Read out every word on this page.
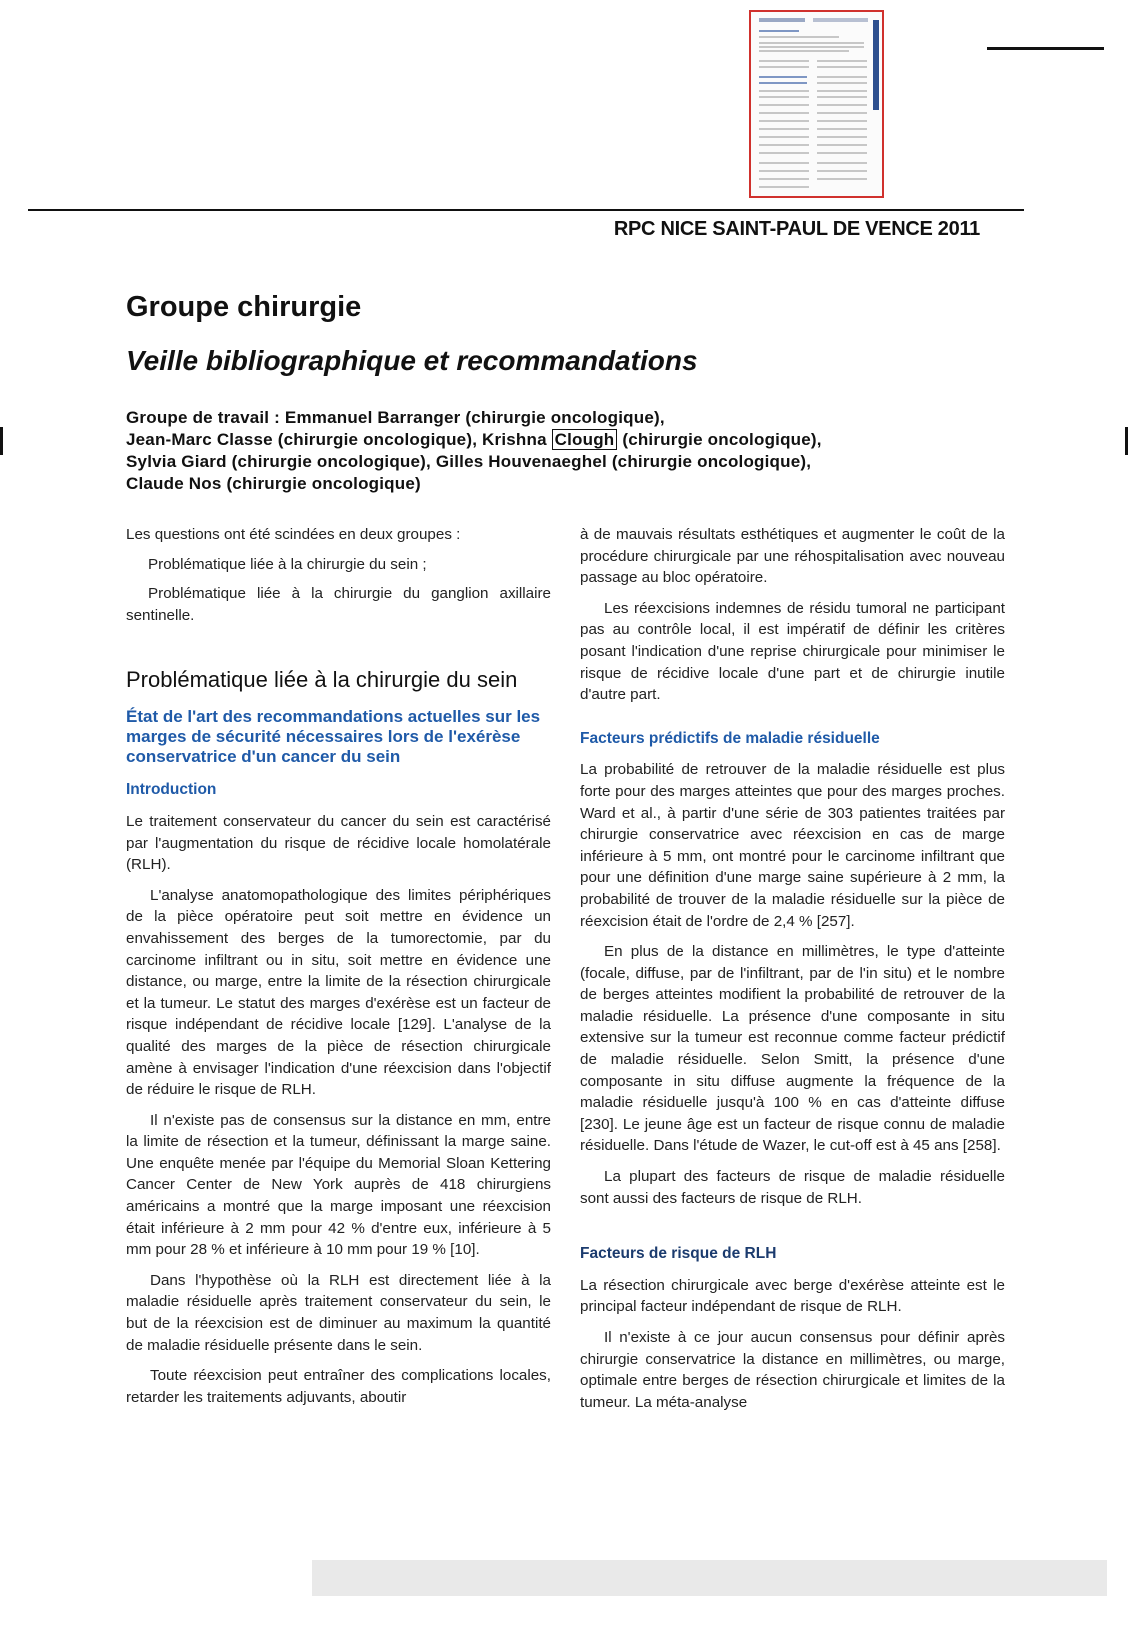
RPC NICE SAINT-PAUL DE VENCE 2011
Groupe chirurgie
Veille bibliographique et recommandations

Groupe de travail : Emmanuel Barranger (chirurgie oncologique),
Jean-Marc Classe (chirurgie oncologique), Krishna Clough (chirurgie oncologique),
Sylvia Giard (chirurgie oncologique), Gilles Houvenaeghel (chirurgie oncologique),
Claude Nos (chirurgie oncologique)

Les questions ont été scindées en deux groupes :

Problématique liée à la chirurgie du sein ;

Problématique liée à la chirurgie du ganglion axillaire sentinelle.

Problématique liée à la chirurgie du sein
État de l'art des recommandations actuelles sur les marges de sécurité nécessaires lors de l'exérèse conservatrice d'un cancer du sein
Introduction

Le traitement conservateur du cancer du sein est caractérisé par l'augmentation du risque de récidive locale homolatérale (RLH).

L'analyse anatomopathologique des limites périphériques de la pièce opératoire peut soit mettre en évidence un envahissement des berges de la tumorectomie, par du carcinome infiltrant ou in situ, soit mettre en évidence une distance, ou marge, entre la limite de la résection chirurgicale et la tumeur. Le statut des marges d'exérèse est un facteur de risque indépendant de récidive locale [129]. L'analyse de la qualité des marges de la pièce de résection chirurgicale amène à envisager l'indication d'une réexcision dans l'objectif de réduire le risque de RLH.

Il n'existe pas de consensus sur la distance en mm, entre la limite de résection et la tumeur, définissant la marge saine. Une enquête menée par l'équipe du Memorial Sloan Kettering Cancer Center de New York auprès de 418 chirurgiens américains a montré que la marge imposant une réexcision était inférieure à 2 mm pour 42 % d'entre eux, inférieure à 5 mm pour 28 % et inférieure à 10 mm pour 19 % [10].

Dans l'hypothèse où la RLH est directement liée à la maladie résiduelle après traitement conservateur du sein, le but de la réexcision est de diminuer au maximum la quantité de maladie résiduelle présente dans le sein.

Toute réexcision peut entraîner des complications locales, retarder les traitements adjuvants, aboutir

à de mauvais résultats esthétiques et augmenter le coût de la procédure chirurgicale par une réhospitalisation avec nouveau passage au bloc opératoire.

Les réexcisions indemnes de résidu tumoral ne participant pas au contrôle local, il est impératif de définir les critères posant l'indication d'une reprise chirurgicale pour minimiser le risque de récidive locale d'une part et de chirurgie inutile d'autre part.

Facteurs prédictifs de maladie résiduelle

La probabilité de retrouver de la maladie résiduelle est plus forte pour des marges atteintes que pour des marges proches. Ward et al., à partir d'une série de 303 patientes traitées par chirurgie conservatrice avec réexcision en cas de marge inférieure à 5 mm, ont montré pour le carcinome infiltrant que pour une définition d'une marge saine supérieure à 2 mm, la probabilité de trouver de la maladie résiduelle sur la pièce de réexcision était de l'ordre de 2,4 % [257].

En plus de la distance en millimètres, le type d'atteinte (focale, diffuse, par de l'infiltrant, par de l'in situ) et le nombre de berges atteintes modifient la probabilité de retrouver de la maladie résiduelle. La présence d'une composante in situ extensive sur la tumeur est reconnue comme facteur prédictif de maladie résiduelle. Selon Smitt, la présence d'une composante in situ diffuse augmente la fréquence de la maladie résiduelle jusqu'à 100 % en cas d'atteinte diffuse [230]. Le jeune âge est un facteur de risque connu de maladie résiduelle. Dans l'étude de Wazer, le cut-off est à 45 ans [258].

La plupart des facteurs de risque de maladie résiduelle sont aussi des facteurs de risque de RLH.

Facteurs de risque de RLH

La résection chirurgicale avec berge d'exérèse atteinte est le principal facteur indépendant de risque de RLH.

Il n'existe à ce jour aucun consensus pour définir après chirurgie conservatrice la distance en millimètres, ou marge, optimale entre berges de résection chirurgicale et limites de la tumeur. La méta-analyse
